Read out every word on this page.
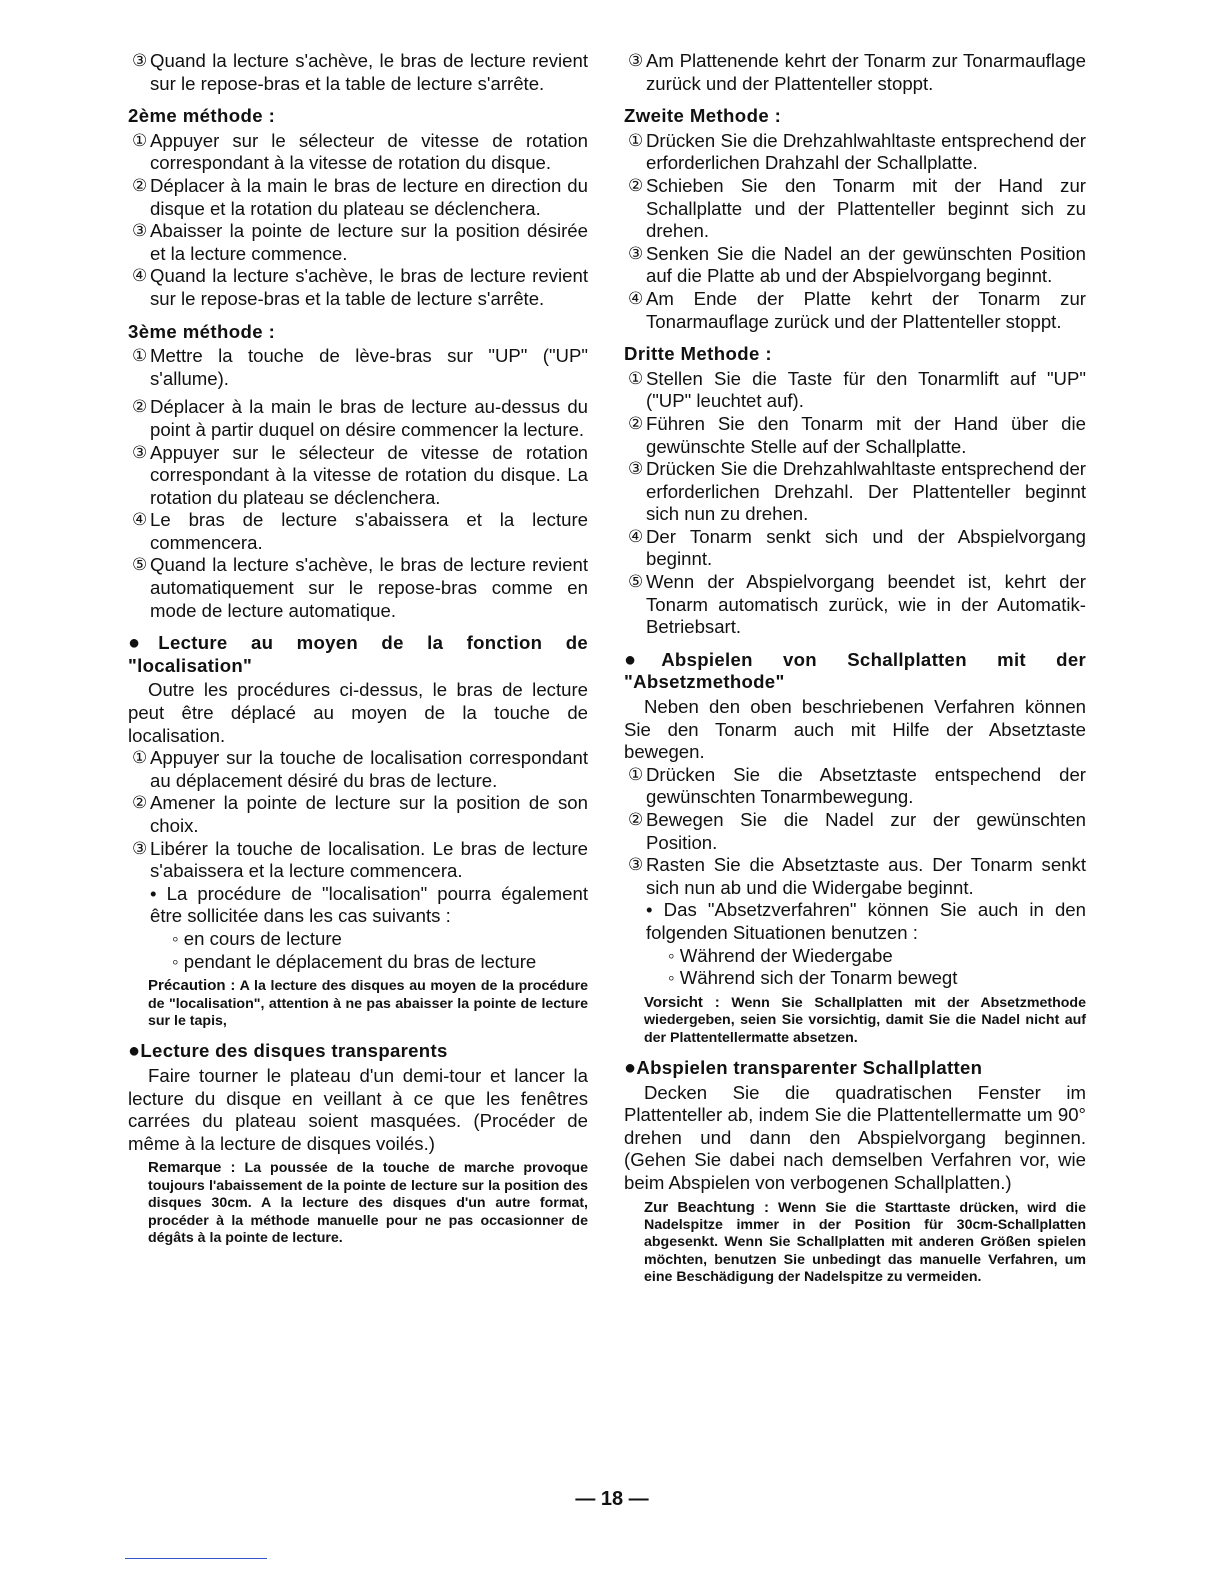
③ Quand la lecture s'achève, le bras de lecture revient sur le repose-bras et la table de lecture s'arrête.
2ème méthode :
① Appuyer sur le sélecteur de vitesse de rotation correspondant à la vitesse de rotation du disque.
② Déplacer à la main le bras de lecture en direction du disque et la rotation du plateau se déclenchera.
③ Abaisser la pointe de lecture sur la position désirée et la lecture commence.
④ Quand la lecture s'achève, le bras de lecture revient sur le repose-bras et la table de lecture s'arrête.
3ème méthode :
① Mettre la touche de lève-bras sur "UP" ("UP" s'allume).
② Déplacer à la main le bras de lecture au-dessus du point à partir duquel on désire commencer la lecture.
③ Appuyer sur le sélecteur de vitesse de rotation correspondant à la vitesse de rotation du disque. La rotation du plateau se déclenchera.
④ Le bras de lecture s'abaissera et la lecture commencera.
⑤ Quand la lecture s'achève, le bras de lecture revient automatiquement sur le repose-bras comme en mode de lecture automatique.
●Lecture au moyen de la fonction de "localisation"

Outre les procédures ci-dessus, le bras de lecture peut être déplacé au moyen de la touche de localisation.

① Appuyer sur la touche de localisation correspondant au déplacement désiré du bras de lecture.
② Amener la pointe de lecture sur la position de son choix.
③ Libérer la touche de localisation. Le bras de lecture s'abaissera et la lecture commencera.

• La procédure de "localisation" pourra également être sollicitée dans les cas suivants :

◦ en cours de lecture

◦ pendant le déplacement du bras de lecture

Précaution : A la lecture des disques au moyen de la procédure de "localisation", attention à ne pas abaisser la pointe de lecture sur le tapis,

●Lecture des disques transparents

Faire tourner le plateau d'un demi-tour et lancer la lecture du disque en veillant à ce que les fenêtres carrées du plateau soient masquées. (Procéder de même à la lecture de disques voilés.)

Remarque : La poussée de la touche de marche provoque toujours l'abaissement de la pointe de lecture sur la position des disques 30cm. A la lecture des disques d'un autre format, procéder à la méthode manuelle pour ne pas occasionner de dégâts à la pointe de lecture.

③ Am Plattenende kehrt der Tonarm zur Tonarmauflage zurück und der Plattenteller stoppt.
Zweite Methode :
① Drücken Sie die Drehzahlwahltaste entsprechend der erforderlichen Drahzahl der Schallplatte.
② Schieben Sie den Tonarm mit der Hand zur Schallplatte und der Plattenteller beginnt sich zu drehen.
③ Senken Sie die Nadel an der gewünschten Position auf die Platte ab und der Abspielvorgang beginnt.
④ Am Ende der Platte kehrt der Tonarm zur Tonarmauflage zurück und der Plattenteller stoppt.
Dritte Methode :
① Stellen Sie die Taste für den Tonarmlift auf "UP" ("UP" leuchtet auf).
② Führen Sie den Tonarm mit der Hand über die gewünschte Stelle auf der Schallplatte.
③ Drücken Sie die Drehzahlwahltaste entsprechend der erforderlichen Drehzahl. Der Plattenteller beginnt sich nun zu drehen.
④ Der Tonarm senkt sich und der Abspielvorgang beginnt.
⑤ Wenn der Abspielvorgang beendet ist, kehrt der Tonarm automatisch zurück, wie in der Automatik-Betriebsart.
●Abspielen von Schallplatten mit der "Absetzmethode"

Neben den oben beschriebenen Verfahren können Sie den Tonarm auch mit Hilfe der Absetztaste bewegen.

① Drücken Sie die Absetztaste entspechend der gewünschten Tonarmbewegung.
② Bewegen Sie die Nadel zur der gewünschten Position.
③ Rasten Sie die Absetztaste aus. Der Tonarm senkt sich nun ab und die Widergabe beginnt.

• Das "Absetzverfahren" können Sie auch in den folgenden Situationen benutzen :

◦ Während der Wiedergabe

◦ Während sich der Tonarm bewegt

Vorsicht : Wenn Sie Schallplatten mit der Absetzmethode wiedergeben, seien Sie vorsichtig, damit Sie die Nadel nicht auf der Plattentellermatte absetzen.

●Abspielen transparenter Schallplatten

Decken Sie die quadratischen Fenster im Plattenteller ab, indem Sie die Plattentellermatte um 90° drehen und dann den Abspielvorgang beginnen. (Gehen Sie dabei nach demselben Verfahren vor, wie beim Abspielen von verbogenen Schallplatten.)

Zur Beachtung : Wenn Sie die Starttaste drücken, wird die Nadelspitze immer in der Position für 30cm-Schallplatten abgesenkt. Wenn Sie Schallplatten mit anderen Größen spielen möchten, benutzen Sie unbedingt das manuelle Verfahren, um eine Beschädigung der Nadelspitze zu vermeiden.

— 18 —
